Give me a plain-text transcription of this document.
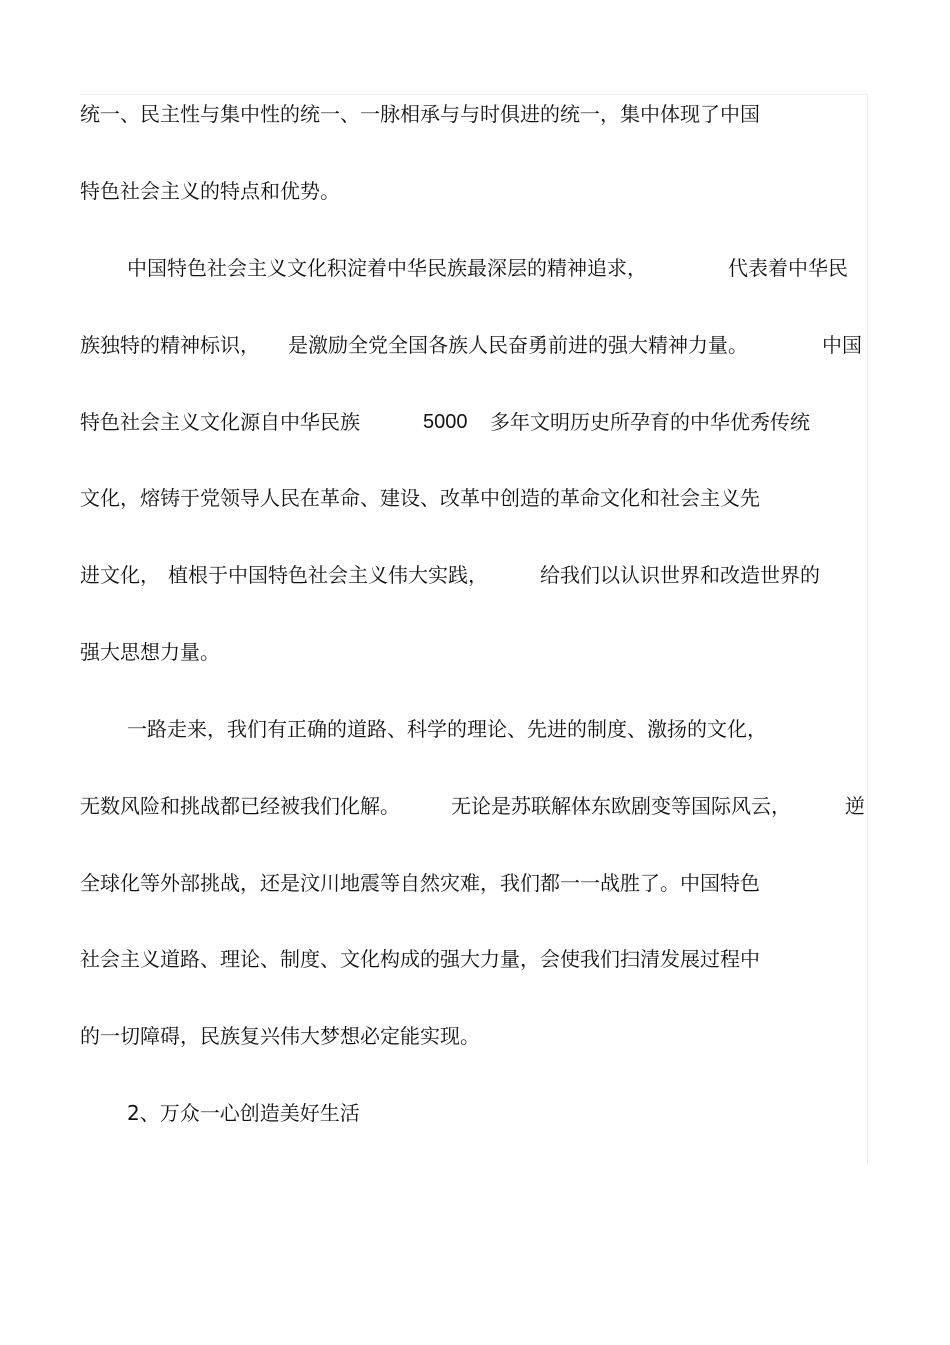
统一、民主性与集中性的统一、一脉相承与与时俱进的统一，集中体现了中国
特色社会主义的特点和优势。
中国特色社会主义文化积淀着中华民族最深层的精神追求，	代表着中华民
族独特的精神标识， 是激励全党全国各族人民奋勇前进的强大精神力量。	中国
特色社会主义文化源自中华民族	5000 多年文明历史所孕育的中华优秀传统
文化，熔铸于党领导人民在革命、建设、改革中创造的革命文化和社会主义先
进文化， 植根于中国特色社会主义伟大实践，	给我们以认识世界和改造世界的
强大思想力量。
一路走来，我们有正确的道路、科学的理论、先进的制度、激扬的文化，
无数风险和挑战都已经被我们化解。	无论是苏联解体东欧剧变等国际风云，	逆
全球化等外部挑战，还是汶川地震等自然灾难，我们都一一战胜了。中国特色
社会主义道路、理论、制度、文化构成的强大力量，会使我们扫清发展过程中
的一切障碍，民族复兴伟大梦想必定能实现。
2、万众一心创造美好生活
